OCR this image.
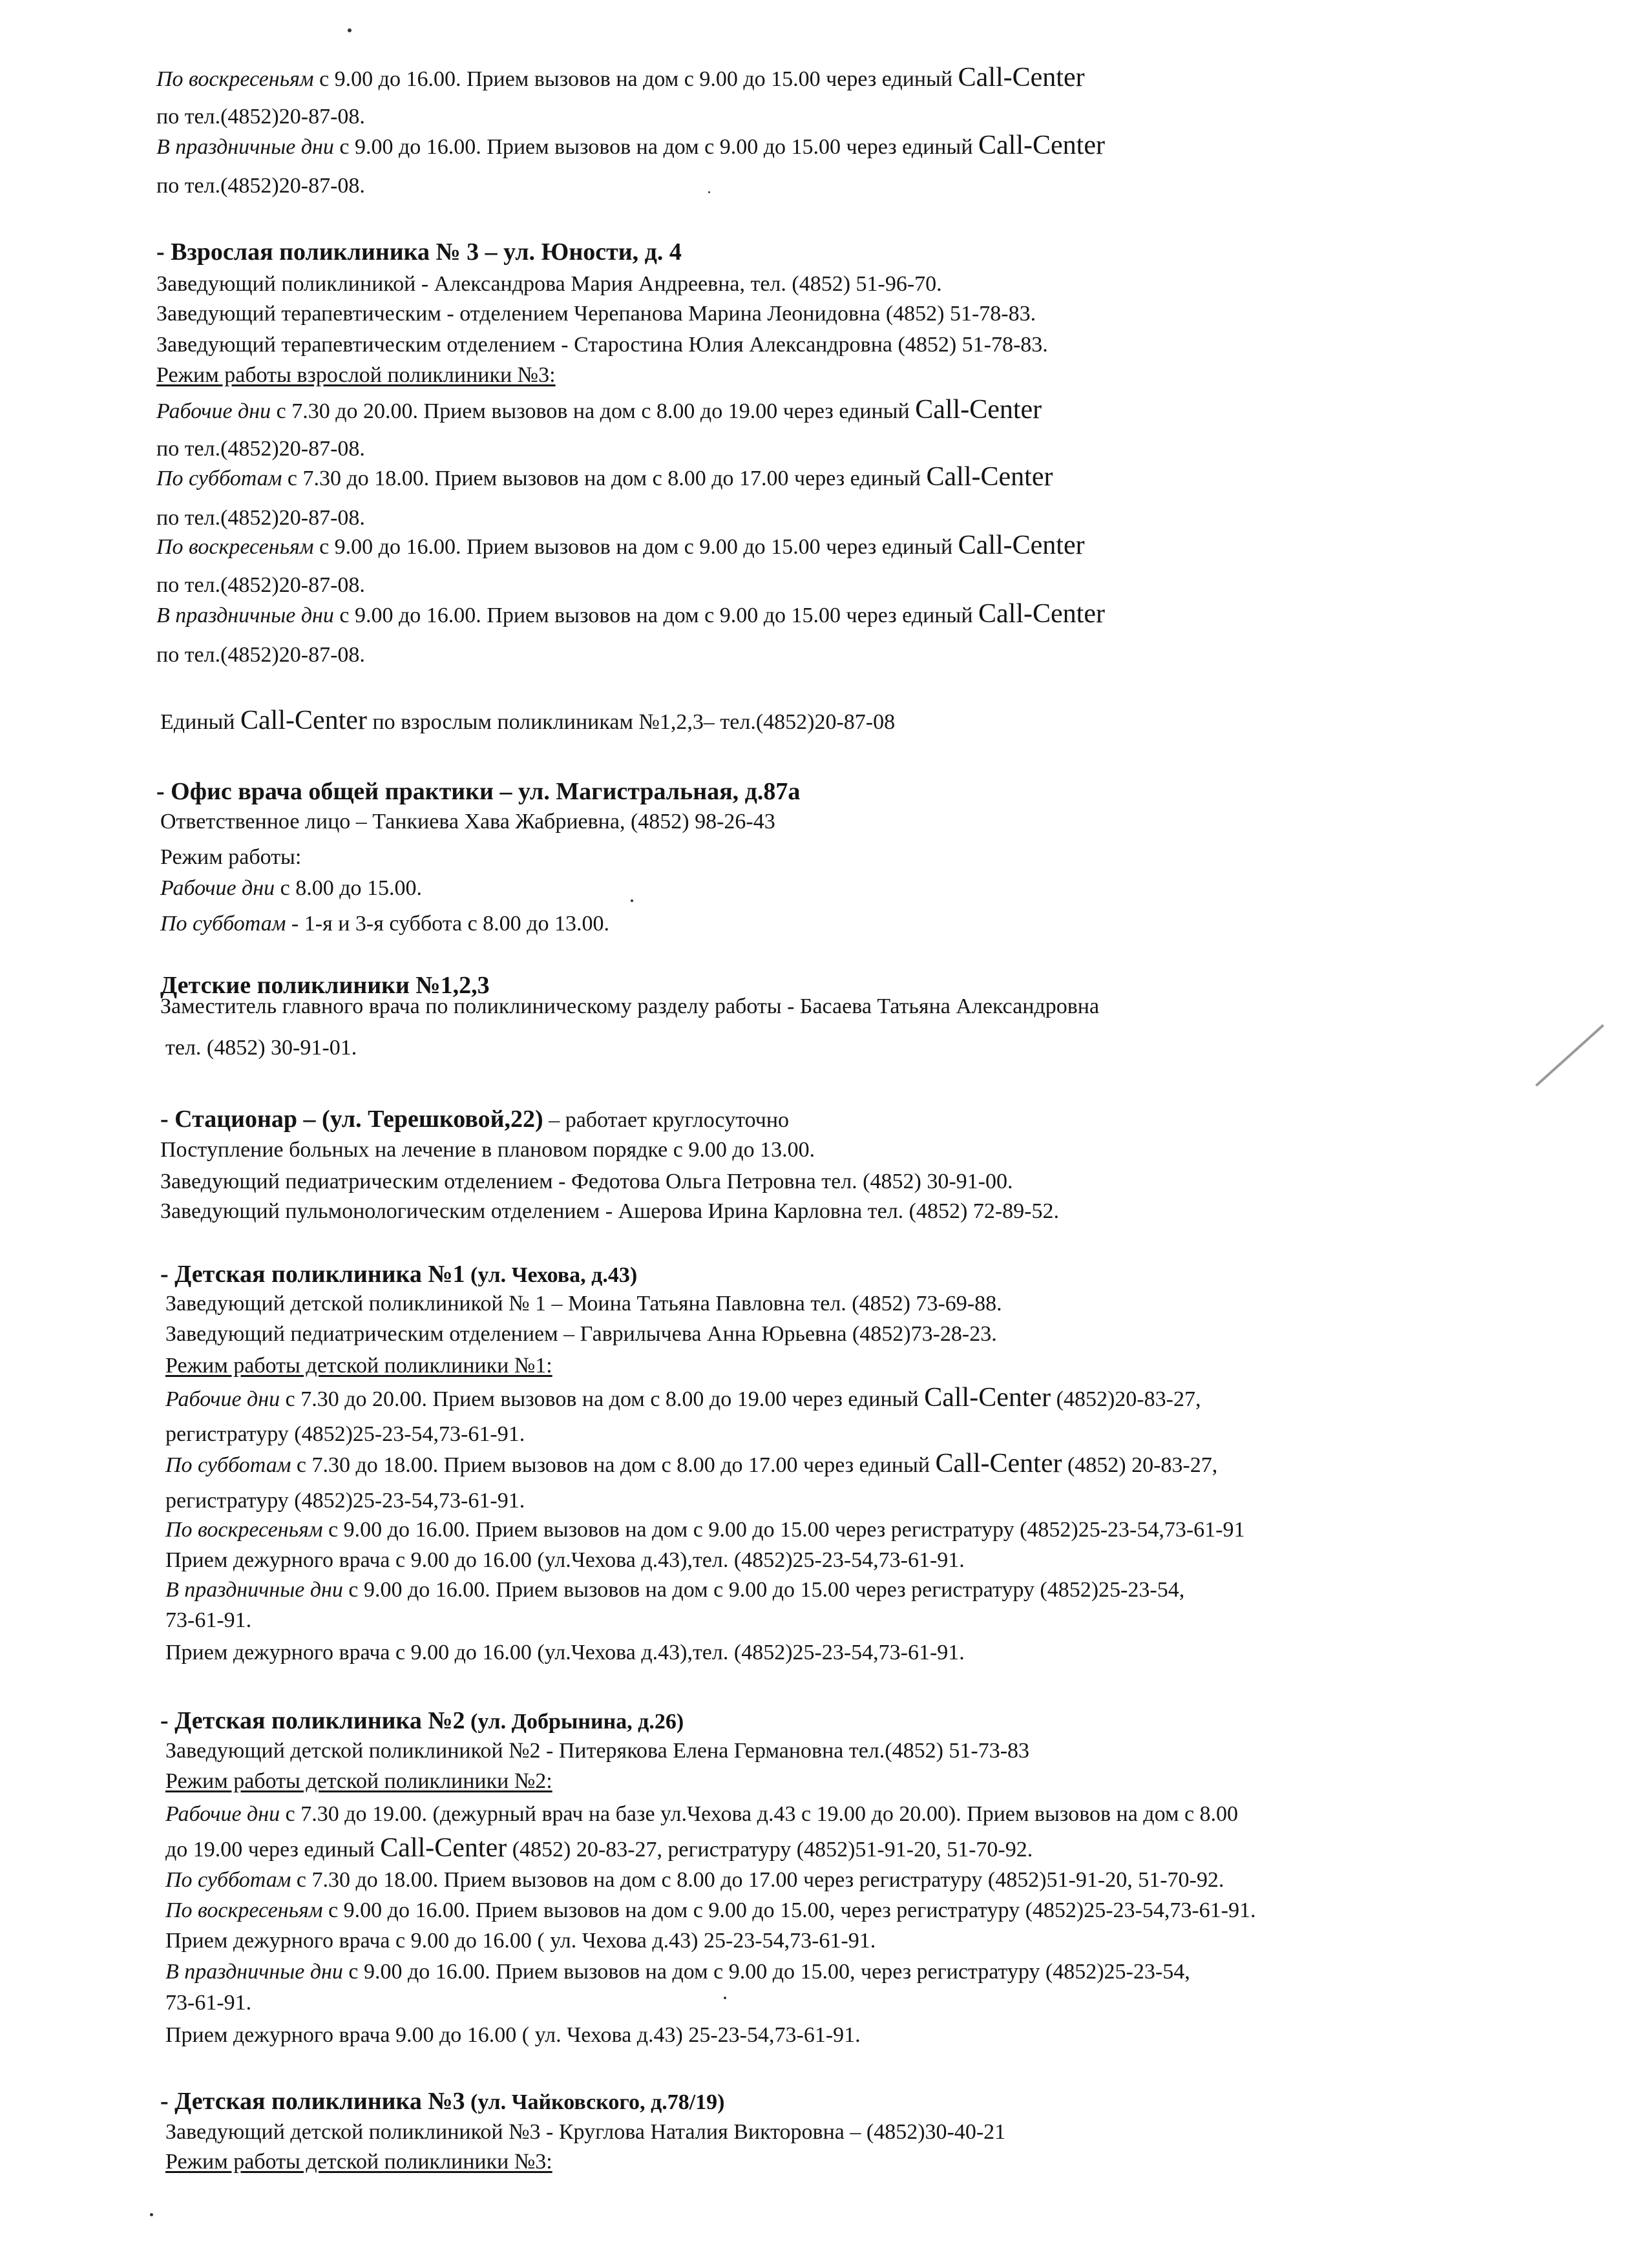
По воскресеньям с 9.00 до 16.00. Прием вызовов на дом с 9.00 до 15.00 через единый Call-Center
по тел.(4852)20-87-08.
В праздничные дни с 9.00 до 16.00. Прием вызовов на дом с 9.00 до 15.00 через единый Call-Center
по тел.(4852)20-87-08.
- Взрослая поликлиника № 3 – ул. Юности, д. 4
Заведующий поликлиникой - Александрова Мария Андреевна, тел. (4852) 51-96-70.
Заведующий терапевтическим - отделением Черепанова Марина Леонидовна (4852) 51-78-83.
Заведующий терапевтическим отделением - Старостина Юлия Александровна (4852) 51-78-83.
Режим работы взрослой поликлиники №3:
Рабочие дни с 7.30 до 20.00. Прием вызовов на дом с 8.00 до 19.00 через единый Call-Center
по тел.(4852)20-87-08.
По субботам с 7.30 до 18.00. Прием вызовов на дом с 8.00 до 17.00 через единый Call-Center
по тел.(4852)20-87-08.
По воскресеньям с 9.00 до 16.00. Прием вызовов на дом с 9.00 до 15.00 через единый Call-Center
по тел.(4852)20-87-08.
В праздничные дни с 9.00 до 16.00. Прием вызовов на дом с 9.00 до 15.00 через единый Call-Center
по тел.(4852)20-87-08.
Единый Call-Center по взрослым поликлиникам №1,2,3– тел.(4852)20-87-08
- Офис врача общей практики – ул. Магистральная, д.87а
Ответственное лицо – Танкиева Хава Жабриевна, (4852) 98-26-43
Режим работы:
Рабочие дни с 8.00 до 15.00.
По субботам - 1-я и 3-я суббота с 8.00 до 13.00.
Детские поликлиники №1,2,3
Заместитель главного врача по поликлиническому разделу работы - Басаева Татьяна Александровна
тел. (4852) 30-91-01.
- Стационар – (ул. Терешковой,22) – работает круглосуточно
Поступление больных на лечение в плановом порядке с 9.00 до 13.00.
Заведующий педиатрическим отделением - Федотова Ольга Петровна тел. (4852) 30-91-00.
Заведующий пульмонологическим отделением - Ашерова Ирина Карловна тел. (4852) 72-89-52.
- Детская поликлиника №1 (ул. Чехова, д.43)
Заведующий детской поликлиникой № 1 – Моина Татьяна Павловна тел. (4852) 73-69-88.
Заведующий педиатрическим отделением – Гаврилычева Анна Юрьевна (4852)73-28-23.
Режим работы детской поликлиники №1:
Рабочие дни с 7.30 до 20.00. Прием вызовов на дом с 8.00 до 19.00 через единый Call-Center (4852)20-83-27,
регистратуру (4852)25-23-54,73-61-91.
По субботам с 7.30 до 18.00. Прием вызовов на дом с 8.00 до 17.00 через единый Call-Center (4852) 20-83-27,
регистратуру (4852)25-23-54,73-61-91.
По воскресеньям с 9.00 до 16.00. Прием вызовов на дом с 9.00 до 15.00 через регистратуру (4852)25-23-54,73-61-91
Прием дежурного врача с 9.00 до 16.00 (ул.Чехова д.43),тел. (4852)25-23-54,73-61-91.
В праздничные дни с 9.00 до 16.00. Прием вызовов на дом с 9.00 до 15.00 через регистратуру (4852)25-23-54,
73-61-91.
Прием дежурного врача с 9.00 до 16.00 (ул.Чехова д.43),тел. (4852)25-23-54,73-61-91.
- Детская поликлиника №2 (ул. Добрынина, д.26)
Заведующий детской поликлиникой №2 - Питерякова Елена Германовна тел.(4852) 51-73-83
Режим работы детской поликлиники №2:
Рабочие дни с 7.30 до 19.00. (дежурный врач на базе ул.Чехова д.43 с 19.00 до 20.00). Прием вызовов на дом с 8.00
до 19.00 через единый Call-Center (4852) 20-83-27, регистратуру (4852)51-91-20, 51-70-92.
По субботам с 7.30 до 18.00. Прием вызовов на дом с 8.00 до 17.00 через регистратуру (4852)51-91-20, 51-70-92.
По воскресеньям с 9.00 до 16.00. Прием вызовов на дом с 9.00 до 15.00, через регистратуру (4852)25-23-54,73-61-91.
Прием дежурного врача с 9.00 до 16.00 ( ул. Чехова д.43) 25-23-54,73-61-91.
В праздничные дни с 9.00 до 16.00. Прием вызовов на дом с 9.00 до 15.00, через регистратуру (4852)25-23-54,
73-61-91.
Прием дежурного врача 9.00 до 16.00 ( ул. Чехова д.43) 25-23-54,73-61-91.
- Детская поликлиника №3 (ул. Чайковского, д.78/19)
Заведующий детской поликлиникой №3 - Круглова Наталия Викторовна – (4852)30-40-21
Режим работы детской поликлиники №3:
